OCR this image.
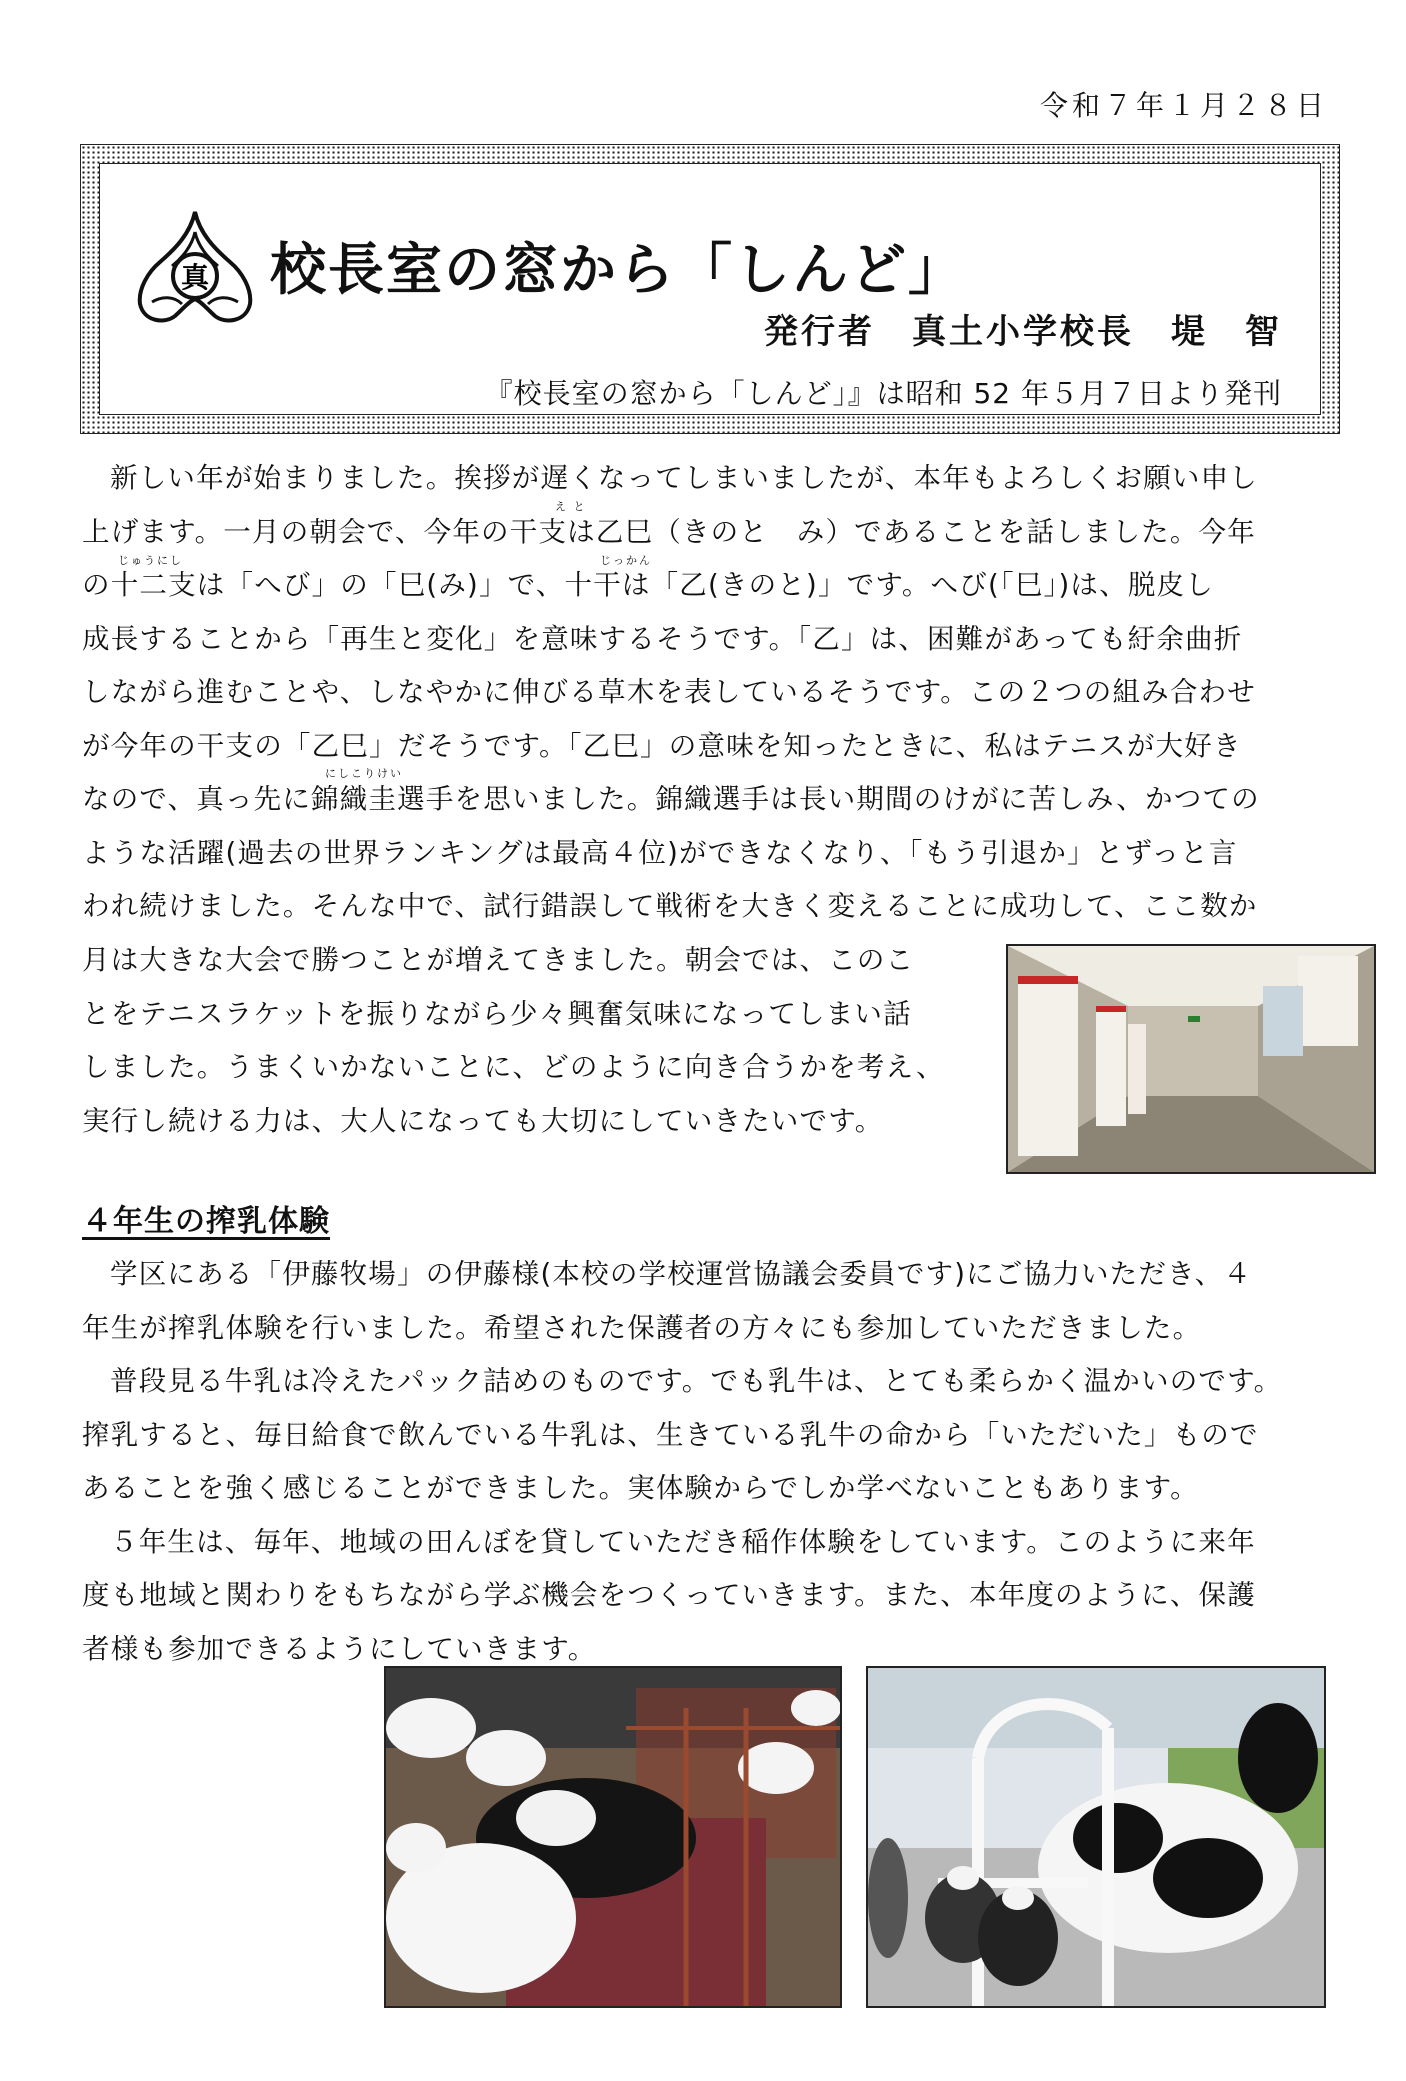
令和７年１月２８日
真 校長室の窓から「しんど」
発行者　真土小学校長　堤　智
『校長室の窓から「しんど」』は昭和 52 年５月７日より発刊
え と
じゅうにし	じっかん
にしこりけい
新しい年が始まりました。挨拶が遅くなってしまいましたが、本年もよろしくお願い申し
上げます。一月の朝会で、今年の干支は乙巳（きのと　み）であることを話しました。今年
の十二支は「へび」の「巳(み)」で、十干は「乙(きのと)」です。へび(「巳」)は、脱皮し
成長することから「再生と変化」を意味するそうです。「乙」は、困難があっても紆余曲折
しながら進むことや、しなやかに伸びる草木を表しているそうです。この２つの組み合わせ
が今年の干支の「乙巳」だそうです。「乙巳」の意味を知ったときに、私はテニスが大好き
なので、真っ先に錦織圭選手を思いました。錦織選手は長い期間のけがに苦しみ、かつての
ような活躍(過去の世界ランキングは最高４位)ができなくなり、「もう引退か」とずっと言
われ続けました。そんな中で、試行錯誤して戦術を大きく変えることに成功して、ここ数か
月は大きな大会で勝つことが増えてきました。朝会では、このこ
とをテニスラケットを振りながら少々興奮気味になってしまい話
しました。うまくいかないことに、どのように向き合うかを考え、
実行し続ける力は、大人になっても大切にしていきたいです。
４年生の搾乳体験
学区にある「伊藤牧場」の伊藤様(本校の学校運営協議会委員です)にご協力いただき、４
年生が搾乳体験を行いました。希望された保護者の方々にも参加していただきました。
普段見る牛乳は冷えたパック詰めのものです。でも乳牛は、とても柔らかく温かいのです。
搾乳すると、毎日給食で飲んでいる牛乳は、生きている乳牛の命から「いただいた」もので
あることを強く感じることができました。実体験からでしか学べないこともあります。
５年生は、毎年、地域の田んぼを貸していただき稲作体験をしています。このように来年
度も地域と関わりをもちながら学ぶ機会をつくっていきます。また、本年度のように、保護
者様も参加できるようにしていきます。
